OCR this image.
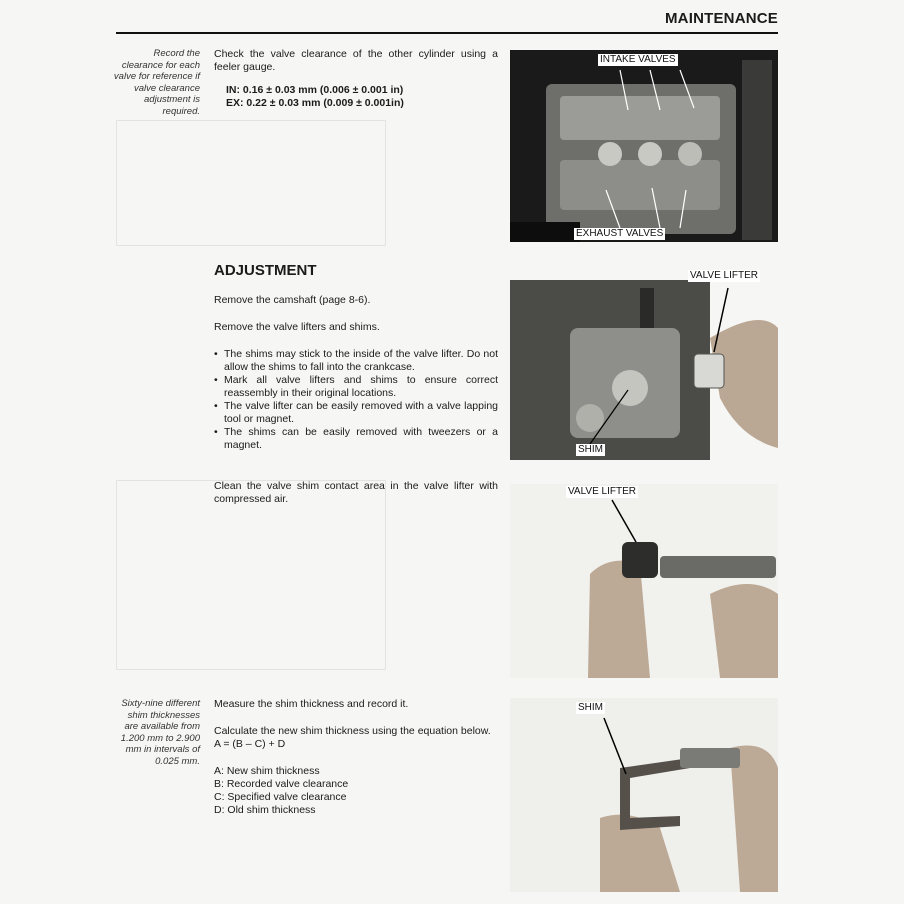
MAINTENANCE
Record the clearance for each valve for reference if valve clearance adjustment is required.

Check the valve clearance of the other cylinder using a feeler gauge.

IN: 0.16 ± 0.03 mm (0.006 ± 0.001 in)
EX: 0.22 ± 0.03 mm (0.009 ± 0.001in)
INTAKE VALVES
EXHAUST VALVES
ADJUSTMENT

Remove the camshaft (page 8-6).

Remove the valve lifters and shims.

• The shims may stick to the inside of the valve lifter. Do not allow the shims to fall into the crankcase.
• Mark all valve lifters and shims to ensure correct reassembly in their original locations.
• The valve lifter can be easily removed with a valve lapping tool or magnet.
• The shims can be easily removed with tweezers or a magnet.
VALVE LIFTER
SHIM

Clean the valve shim contact area in the valve lifter with compressed air.

VALVE LIFTER
Sixty-nine different shim thicknesses are available from 1.200 mm to 2.900 mm in intervals of 0.025 mm.

Measure the shim thickness and record it.

Calculate the new shim thickness using the equation below.

A = (B – C) + D

A: New shim thickness

B: Recorded valve clearance

C: Specified valve clearance

D: Old shim thickness

SHIM
